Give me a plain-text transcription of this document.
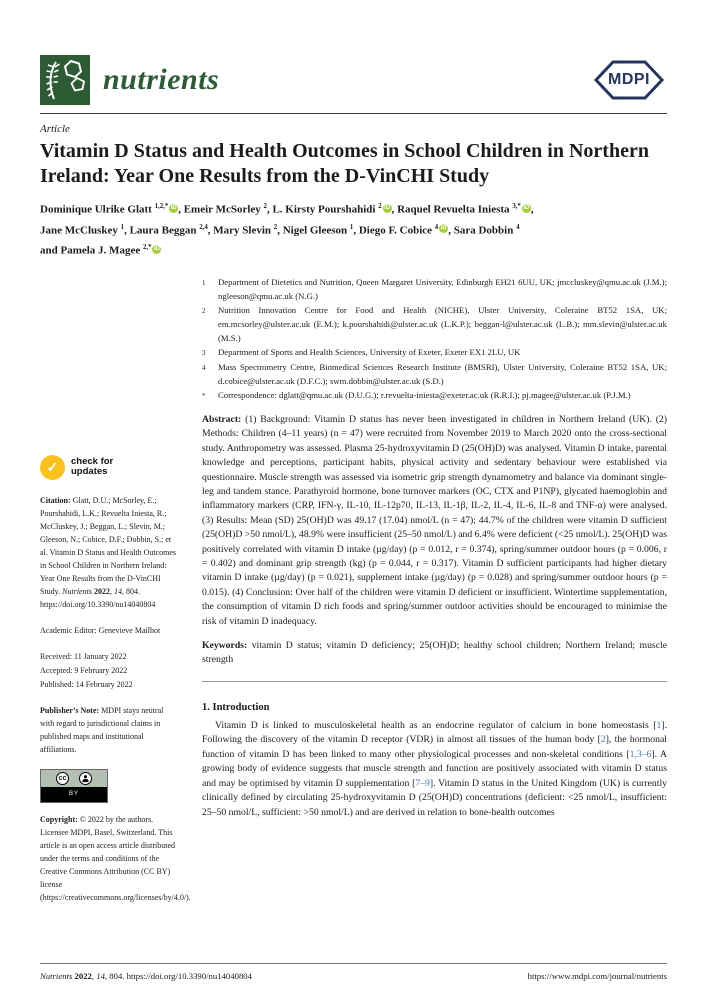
nutrients	MDPI
Article
Vitamin D Status and Health Outcomes in School Children in Northern Ireland: Year One Results from the D-VinCHI Study
Dominique Ulrike Glatt $^{1,2,*}$ iD , Emeir McSorley $^2$, L. Kirsty Pourshahidi $^2$ iD , Raquel Revuelta Iniesta $^{3,*}$ iD ,
Jane McCluskey $^1$, Laura Beggan $^{2,4}$, Mary Slevin $^2$, Nigel Gleeson $^1$, Diego F. Cobice $^4$ iD , Sara Dobbin $^4$
and Pamela J. Magee $^{2,*}$ iD
✓ check for
updates

Citation: Glatt, D.U.; McSorley, E.; Pourshahidi, L.K.; Revuelta Iniesta, R.; McCluskey, J.; Beggan, L.; Slevin, M.; Gleeson, N.; Cobice, D.F.; Dobbin, S.; et al. Vitamin D Status and Health Outcomes in School Children in Northern Ireland: Year One Results from the D-VinCHI Study. Nutrients 2022, 14, 804. https://doi.org/10.3390/nu14040804

Academic Editor: Genevieve Mailhot

Received: 11 January 2022

Accepted: 9 February 2022

Published: 14 February 2022

Publisher’s Note: MDPI stays neutral with regard to jurisdictional claims in published maps and institutional affiliations.

cc
BY

Copyright: © 2022 by the authors. Licensee MDPI, Basel, Switzerland. This article is an open access article distributed under the terms and conditions of the Creative Commons Attribution (CC BY) license (https://creativecommons.org/licenses/by/4.0/).

1	Department of Dietetics and Nutrition, Queen Margaret University, Edinburgh EH21 6UU, UK; jmccluskey@qmu.ac.uk (J.M.); ngleeson@qmu.ac.uk (N.G.)
2	Nutrition Innovation Centre for Food and Health (NICHE), Ulster University, Coleraine BT52 1SA, UK; em.mcsorley@ulster.ac.uk (E.M.); k.pourshahidi@ulster.ac.uk (L.K.P.); beggan-l@ulster.ac.uk (L.B.); mm.slevin@ulster.ac.uk (M.S.)
3	Department of Sports and Health Sciences, University of Exeter, Exeter EX1 2LU, UK
4	Mass Spectrometry Centre, Biomedical Sciences Research Institute (BMSRI), Ulster University, Coleraine BT52 1SA, UK; d.cobice@ulster.ac.uk (D.F.C.); swm.dobbin@ulster.ac.uk (S.D.)
*	Correspondence: dglatt@qmu.ac.uk (D.U.G.); r.revuelta-iniesta@exeter.ac.uk (R.R.I.); pj.magee@ulster.ac.uk (P.J.M.)

Abstract: (1) Background: Vitamin D status has never been investigated in children in Northern Ireland (UK). (2) Methods: Children (4–11 years) (n = 47) were recruited from November 2019 to March 2020 onto the cross-sectional study. Anthropometry was assessed. Plasma 25-hydroxyvitamin D (25(OH)D) was analysed. Vitamin D intake, parental knowledge and perceptions, participant habits, physical activity and sedentary behaviour were established via questionnaire. Muscle strength was assessed via isometric grip strength dynamometry and balance via dominant single-leg and tandem stance. Parathyroid hormone, bone turnover markers (OC, CTX and P1NP), glycated haemoglobin and inflammatory markers (CRP, IFN-γ, IL-10, IL-12p70, IL-13, IL-1β, IL-2, IL-4, IL-6, IL-8 and TNF-α) were analysed. (3) Results: Mean (SD) 25(OH)D was 49.17 (17.04) nmol/L (n = 47); 44.7% of the children were vitamin D sufficient (25(OH)D >50 nmol/L), 48.9% were insufficient (25–50 nmol/L) and 6.4% were deficient (<25 nmol/L). 25(OH)D was positively correlated with vitamin D intake (µg/day) (p = 0.012, r = 0.374), spring/summer outdoor hours (p = 0.006, r = 0.402) and dominant grip strength (kg) (p = 0.044, r = 0.317). Vitamin D sufficient participants had higher dietary vitamin D intake (µg/day) (p = 0.021), supplement intake (µg/day) (p = 0.028) and spring/summer outdoor hours (p = 0.015). (4) Conclusion: Over half of the children were vitamin D deficient or insufficient. Wintertime supplementation, the consumption of vitamin D rich foods and spring/summer outdoor activities should be encouraged to minimise the risk of vitamin D inadequacy.

Keywords: vitamin D status; vitamin D deficiency; 25(OH)D; healthy school children; Northern Ireland; muscle strength

1. Introduction

Vitamin D is linked to musculoskeletal health as an endocrine regulator of calcium in bone homeostasis [1]. Following the discovery of the vitamin D receptor (VDR) in almost all tissues of the human body [2], the hormonal function of vitamin D has been linked to many other physiological processes and non-skeletal conditions [1,3–6]. A growing body of evidence suggests that muscle strength and function are positively associated with vitamin D status and may be optimised by vitamin D supplementation [7–9]. Vitamin D status in the United Kingdom (UK) is currently clinically defined by circulating 25-hydroxyvitamin D (25(OH)D) concentrations (deficient: <25 nmol/L, insufficient: 25–50 nmol/L, sufficient: >50 nmol/L) and are derived in relation to bone-health outcomes

Nutrients 2022, 14, 804. https://doi.org/10.3390/nu14040804	https://www.mdpi.com/journal/nutrients
